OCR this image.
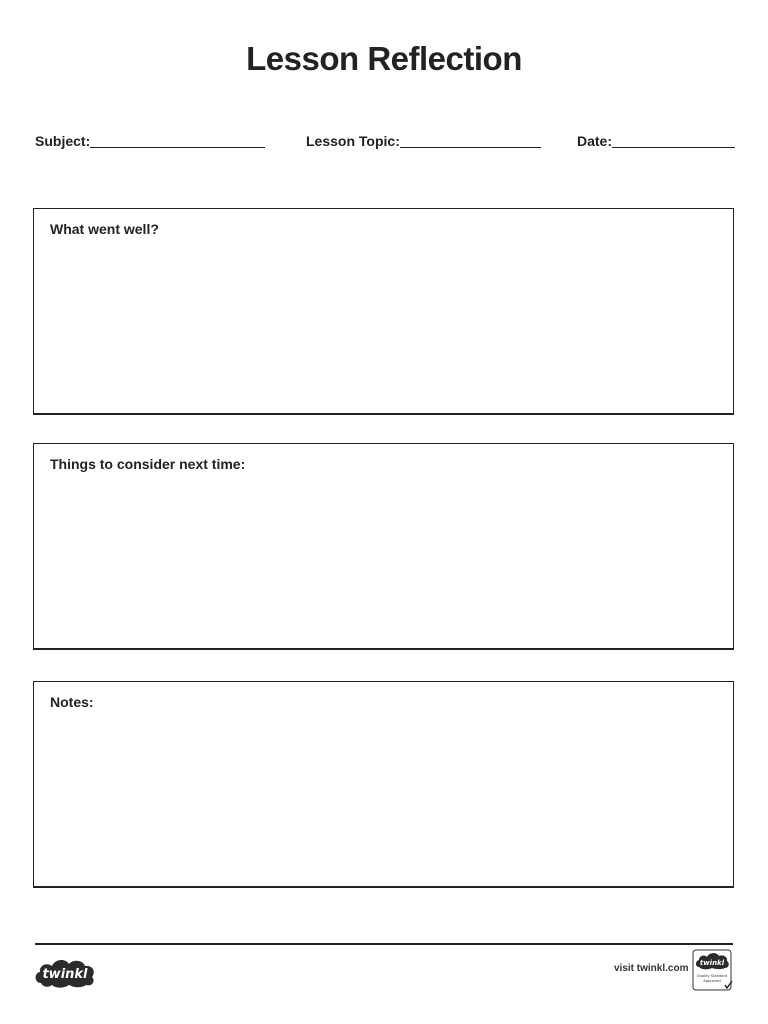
Lesson Reflection
Subject:	Lesson Topic:	Date:
What went well?
Things to consider next time:
Notes:
twinkl	visit twinkl.com twinkl
Quality Standard
Approved
